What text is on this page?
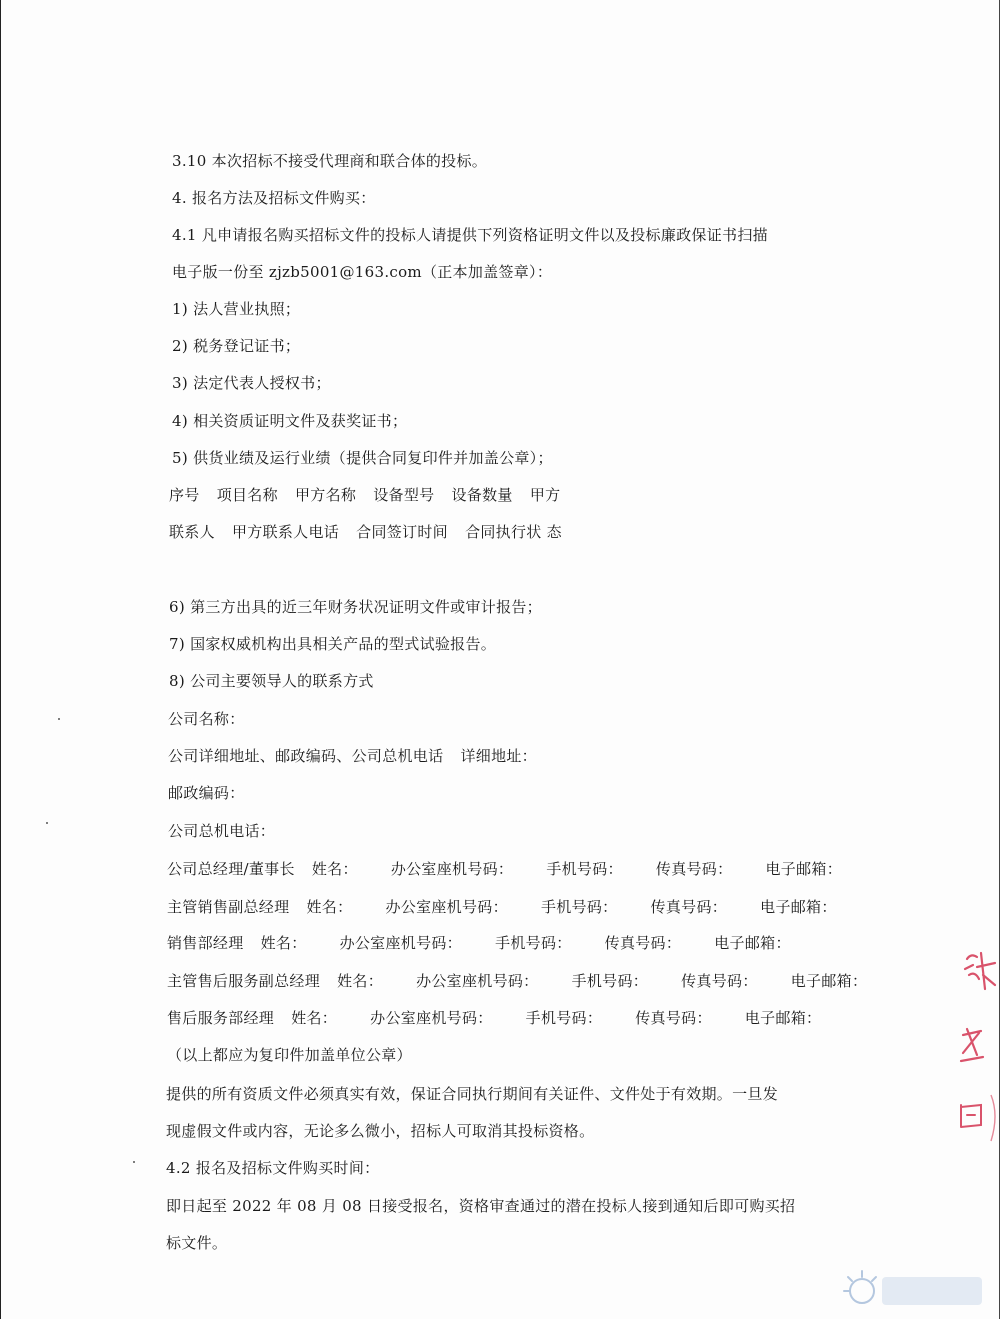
3.10 本次招标不接受代理商和联合体的投标。
4. 报名方法及招标文件购买：
4.1 凡申请报名购买招标文件的投标人请提供下列资格证明文件以及投标廉政保证书扫描
电子版一份至 zjzb5001@163.com（正本加盖签章）：
1) 法人营业执照；
2) 税务登记证书；
3) 法定代表人授权书；
4) 相关资质证明文件及获奖证书；
5) 供货业绩及运行业绩（提供合同复印件并加盖公章）；
序号 项目名称 甲方名称 设备型号 设备数量 甲方
联系人 甲方联系人电话 合同签订时间 合同执行状 态
6) 第三方出具的近三年财务状况证明文件或审计报告；
7) 国家权威机构出具相关产品的型式试验报告。
8) 公司主要领导人的联系方式
公司名称：
公司详细地址、邮政编码、公司总机电话 详细地址：
邮政编码：
公司总机电话：
公司总经理/董事长 姓名： 办公室座机号码： 手机号码： 传真号码： 电子邮箱：
主管销售副总经理 姓名： 办公室座机号码： 手机号码： 传真号码： 电子邮箱：
销售部经理 姓名： 办公室座机号码： 手机号码： 传真号码： 电子邮箱：
主管售后服务副总经理 姓名： 办公室座机号码： 手机号码： 传真号码： 电子邮箱：
售后服务部经理 姓名： 办公室座机号码： 手机号码： 传真号码： 电子邮箱：
（以上都应为复印件加盖单位公章）
提供的所有资质文件必须真实有效，保证合同执行期间有关证件、文件处于有效期。一旦发
现虚假文件或内容，无论多么微小，招标人可取消其投标资格。
4.2 报名及招标文件购买时间：
即日起至 2022 年 08 月 08 日接受报名，资格审查通过的潜在投标人接到通知后即可购买招
标文件。
